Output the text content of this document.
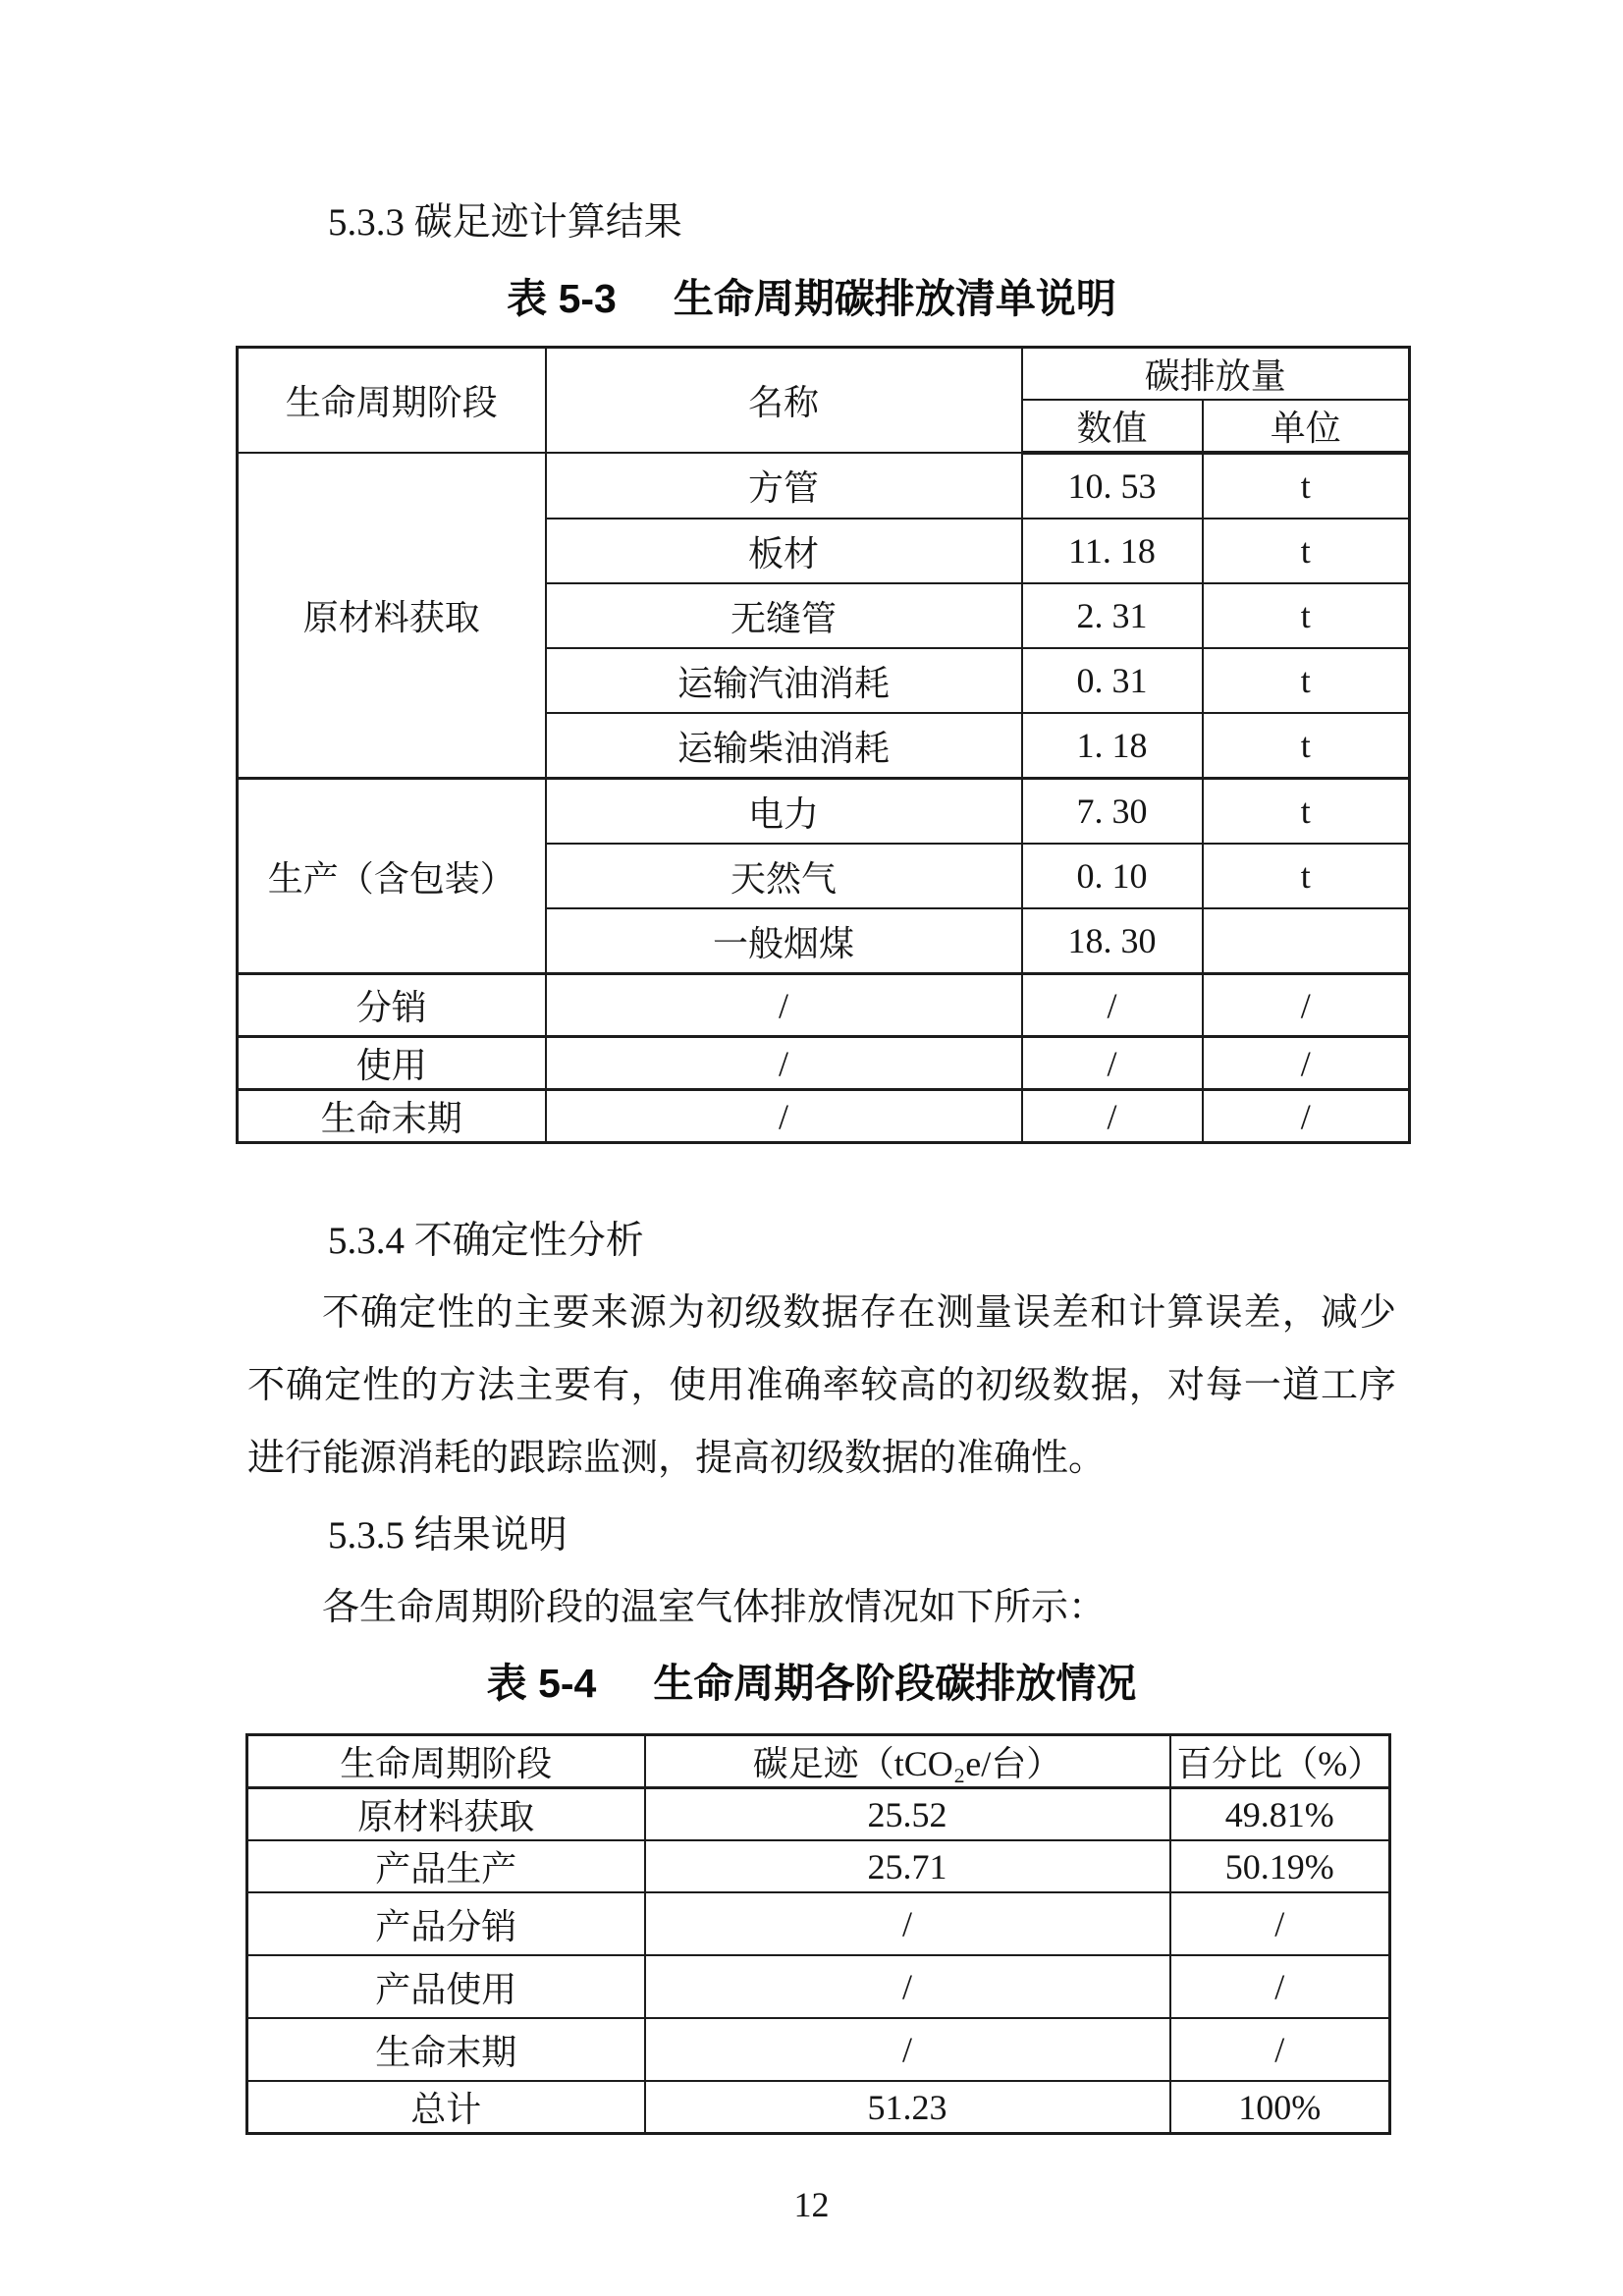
5.3.3 碳足迹计算结果
表 5-3 生命周期碳排放清单说明
生命周期阶段	名称	碳排放量	
		数值	单位
原材料获取	方管	10. 53	t
	板材	11. 18	t
	无缝管	2. 31	t
	运输汽油消耗	0. 31	t
	运输柴油消耗	1. 18	t
生产（含包装）	电力	7. 30	t
	天然气	0. 10	t
	一般烟煤	18. 30	
分销	/	/	/
使用	/	/	/
生命末期	/	/	/
5.3.4 不确定性分析
不确定性的主要来源为初级数据存在测量误差和计算误差，减少
不确定性的方法主要有，使用准确率较高的初级数据，对每一道工序
进行能源消耗的跟踪监测，提高初级数据的准确性。
5.3.5 结果说明
各生命周期阶段的温室气体排放情况如下所示：
表 5-4 生命周期各阶段碳排放情况
生命周期阶段	碳足迹（tCO₂e/台）	百分比（%）
原材料获取	25.52	49.81%
产品生产	25.71	50.19%
产品分销	/	/
产品使用	/	/
生命末期	/	/
总计	51.23	100%
12
